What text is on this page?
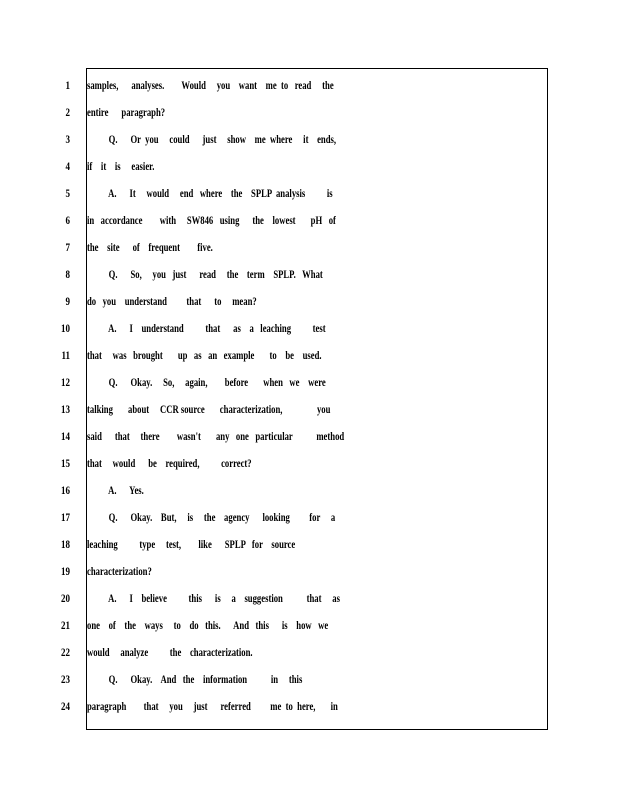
1
2
3
4
5
6
7
8
9
10
11
12
13
14
15
16
17
18
19
20
21
22
23
24
samples,      analyses.        Would     you    want    me  to   read     the
entire      paragraph?
Q.      Or  you     could      just     show    me  where     it    ends,
if    it    is     easier.
A.      It     would     end   where    the    SPLP  analysis          is
in   accordance        with     SW846   using      the    lowest       pH   of
the    site      of    frequent        five.
Q.      So,     you   just      read     the    term    SPLP.   What
do   you    understand         that      to     mean?
A.      I    understand          that      as    a   leaching          test
that     was   brought       up   as   an   example       to    be    used.
Q.      Okay.     So,     again,        before       when   we    were
talking       about     CCR source       characterization,                you
said      that     there        wasn't       any   one   particular           method
that     would      be    required,          correct?
A.      Yes.
Q.      Okay.    But,     is     the    agency      looking         for     a
leaching          type     test,        like      SPLP   for    source
characterization?
A.      I    believe          this      is     a    suggestion           that     as
one    of    the    ways     to    do   this.      And   this      is    how   we
would     analyze          the    characterization.
Q.      Okay.    And   the    information           in     this
paragraph        that     you     just      referred         me  to  here,       in
